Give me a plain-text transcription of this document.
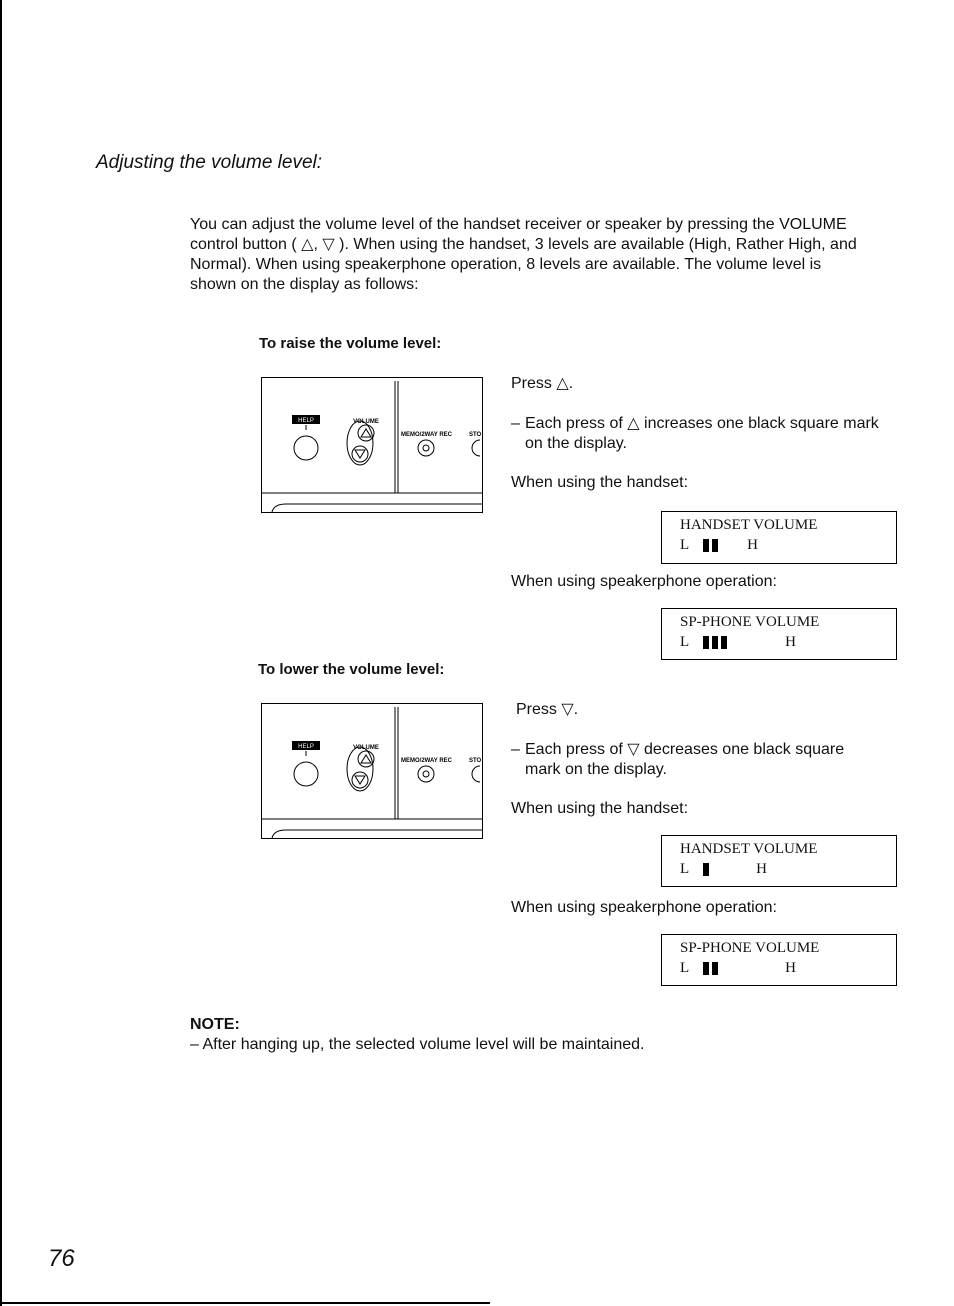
Adjusting the volume level:

You can adjust the volume level of the handset receiver or speaker by pressing the VOLUME

control button ( △, ▽ ). When using the handset, 3 levels are available (High, Rather High, and

Normal). When using speakerphone operation, 8 levels are available. The volume level is

shown on the display as follows:

To raise the volume level:
HELP	VOLUME
MEMO/2WAY REC	STO
Press △.
– Each press of △ increases one black square mark
on the display.
When using the handset:
HANDSET VOLUME
L	H
When using speakerphone operation:
SP-PHONE VOLUME
L	H
To lower the volume level:
HELP	VOLUME
MEMO/2WAY REC	STO
Press ▽.
– Each press of ▽ decreases one black square
mark on the display.
When using the handset:
HANDSET VOLUME
L	H
When using speakerphone operation:
SP-PHONE VOLUME
L	H
NOTE:
– After hanging up, the selected volume level will be maintained.
76
